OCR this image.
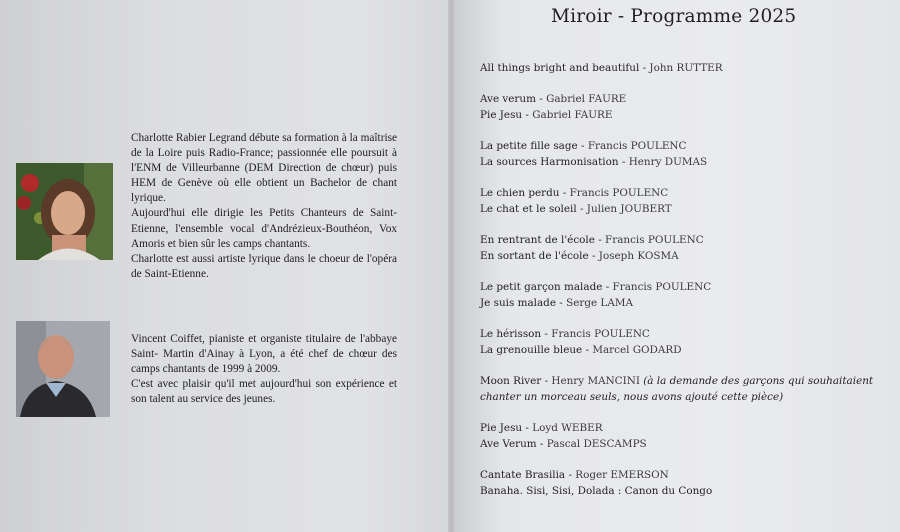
Charlotte Rabier Legrand débute sa formation à la maîtrise de la Loire puis Radio-France; passionnée elle poursuit à l'ENM de Villeurbanne (DEM Direction de chœur) puis HEM de Genève où elle obtient un Bachelor de chant lyrique.

Aujourd'hui elle dirigie les Petits Chanteurs de Saint-Etienne, l'ensemble vocal d'Andrézieux-Bouthéon, Vox Amoris et bien sûr les camps chantants.

Charlotte est aussi artiste lyrique dans le choeur de l'opéra de Saint-Etienne.

Vincent Coiffet, pianiste et organiste titulaire de l'abbaye Saint- Martin d'Ainay à Lyon, a été chef de chœur des camps chantants de 1999 à 2009.

C'est avec plaisir qu'il met aujourd'hui son expérience et son talent au service des jeunes.

Miroir - Programme 2025
All things bright and beautiful - John RUTTER
Ave verum - Gabriel FAURE
Pie Jesu - Gabriel FAURE
La petite fille sage - Francis POULENC
La sources Harmonisation - Henry DUMAS
Le chien perdu - Francis POULENC
Le chat et le soleil - Julien JOUBERT
En rentrant de l'école - Francis POULENC
En sortant de l'école - Joseph KOSMA
Le petit garçon malade - Francis POULENC
Je suis malade - Serge LAMA
Le hérisson - Francis POULENC
La grenouille bleue - Marcel GODARD
Moon River - Henry MANCINI (à la demande des garçons qui souhaitaient chanter un morceau seuls, nous avons ajouté cette pièce)
Pie Jesu - Loyd WEBER
Ave Verum - Pascal DESCAMPS
Cantate Brasilia - Roger EMERSON
Banaha. Sisi, Sisi, Dolada : Canon du Congo
